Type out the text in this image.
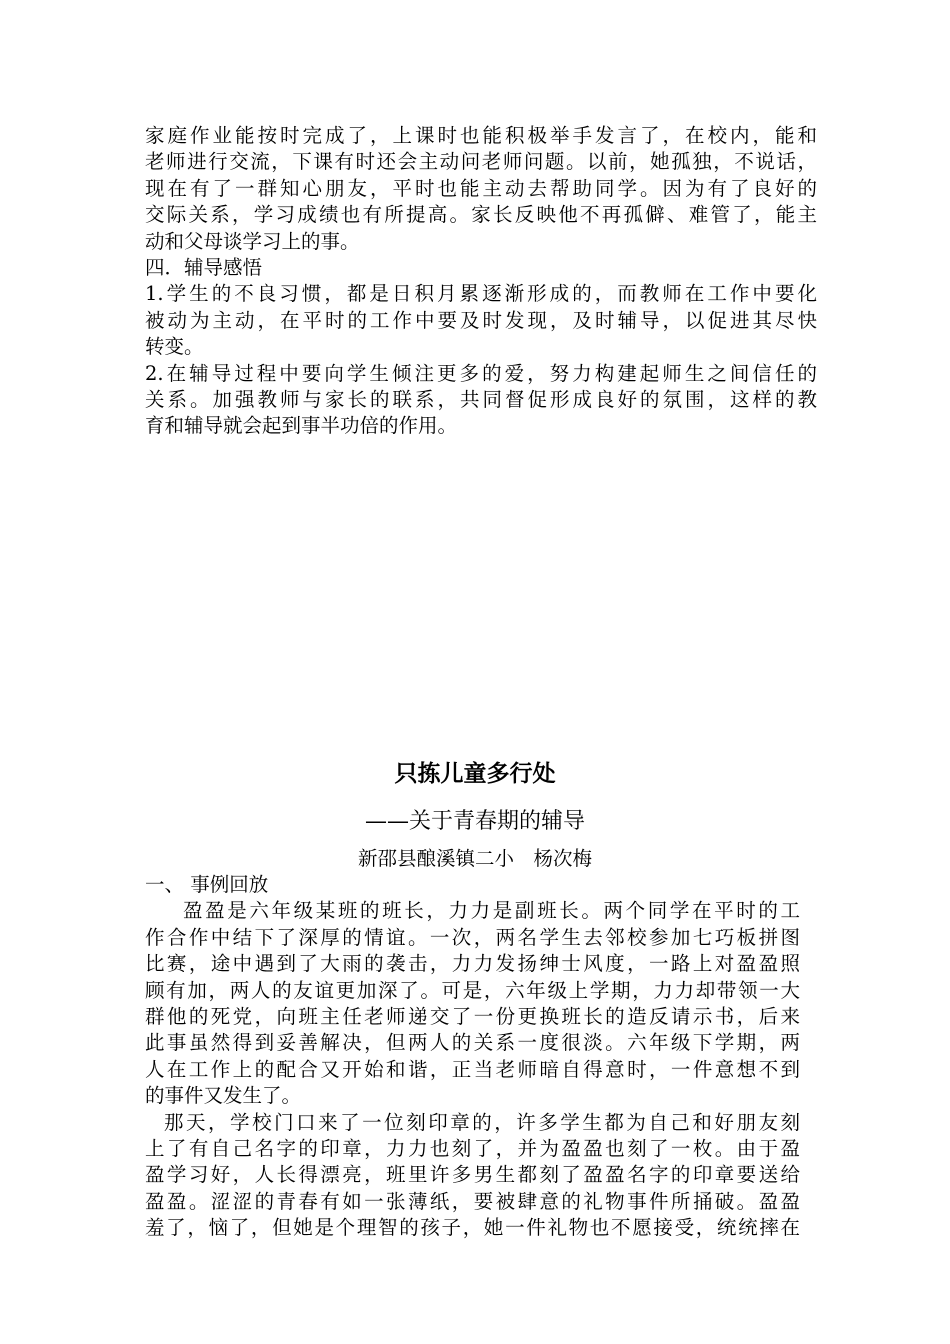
家庭作业能按时完成了，上课时也能积极举手发言了，在校内，能和
老师进行交流，下课有时还会主动问老师问题。以前，她孤独，不说话，
现在有了一群知心朋友，平时也能主动去帮助同学。因为有了良好的
交际关系，学习成绩也有所提高。家长反映他不再孤僻、难管了，能主
动和父母谈学习上的事。
四．辅导感悟
1.学生的不良习惯，都是日积月累逐渐形成的，而教师在工作中要化
被动为主动，在平时的工作中要及时发现，及时辅导，以促进其尽快
转变。
2.在辅导过程中要向学生倾注更多的爱，努力构建起师生之间信任的
关系。加强教师与家长的联系，共同督促形成良好的氛围，这样的教
育和辅导就会起到事半功倍的作用。
只拣儿童多行处
——关于青春期的辅导
新邵县酿溪镇二小　杨次梅
一、 事例回放
盈盈是六年级某班的班长，力力是副班长。两个同学在平时的工
作合作中结下了深厚的情谊。一次，两名学生去邻校参加七巧板拼图
比赛，途中遇到了大雨的袭击，力力发扬绅士风度，一路上对盈盈照
顾有加，两人的友谊更加深了。可是，六年级上学期，力力却带领一大
群他的死党，向班主任老师递交了一份更换班长的造反请示书，后来
此事虽然得到妥善解决，但两人的关系一度很淡。六年级下学期，两
人在工作上的配合又开始和谐，正当老师暗自得意时，一件意想不到
的事件又发生了。
那天，学校门口来了一位刻印章的，许多学生都为自己和好朋友刻
上了有自己名字的印章，力力也刻了，并为盈盈也刻了一枚。由于盈
盈学习好，人长得漂亮，班里许多男生都刻了盈盈名字的印章要送给
盈盈。涩涩的青春有如一张薄纸，要被肆意的礼物事件所捅破。盈盈
羞了，恼了，但她是个理智的孩子，她一件礼物也不愿接受，统统摔在
